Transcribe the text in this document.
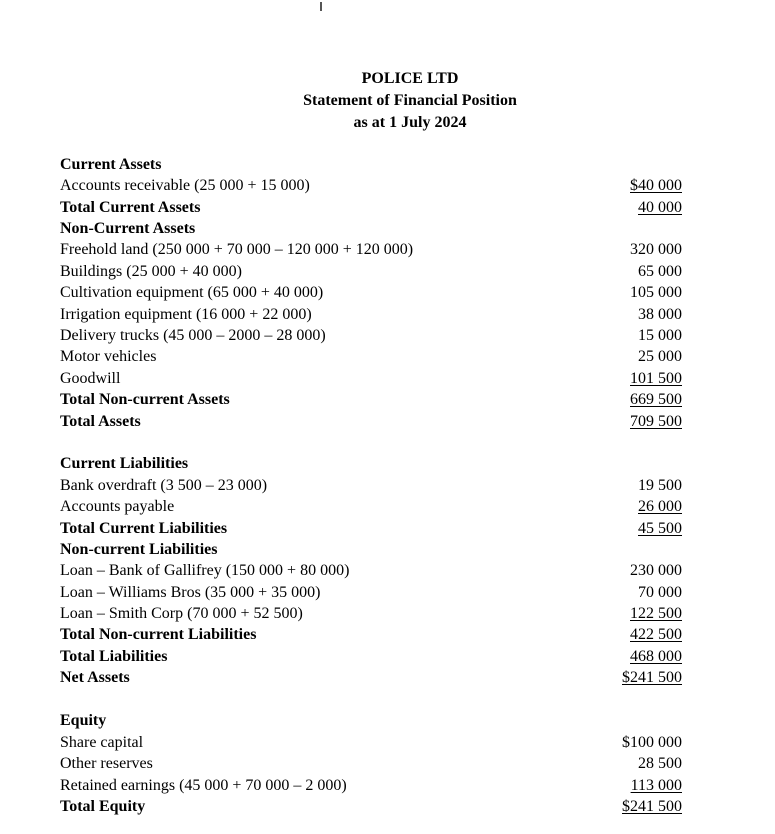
POLICE LTD
Statement of Financial Position
as at 1 July 2024
Current Assets
Accounts receivable (25 000 + 15 000)	$40 000
Total Current Assets	40 000
Non-Current Assets
Freehold land (250 000 + 70 000 – 120 000 + 120 000)	320 000
Buildings (25 000 + 40 000)	65 000
Cultivation equipment (65 000 + 40 000)	105 000
Irrigation equipment (16 000 + 22 000)	38 000
Delivery trucks (45 000 – 2000 – 28 000)	15 000
Motor vehicles	25 000
Goodwill	101 500
Total Non-current Assets	669 500
Total Assets	709 500
Current Liabilities
Bank overdraft (3 500 – 23 000)	19 500
Accounts payable	26 000
Total Current Liabilities	45 500
Non-current Liabilities
Loan – Bank of Gallifrey (150 000 + 80 000)	230 000
Loan – Williams Bros (35 000 + 35 000)	70 000
Loan – Smith Corp (70 000 + 52 500)	122 500
Total Non-current Liabilities	422 500
Total Liabilities	468 000
Net Assets	$241 500
Equity
Share capital	$100 000
Other reserves	28 500
Retained earnings (45 000 + 70 000 – 2 000)	113 000
Total Equity	$241 500
